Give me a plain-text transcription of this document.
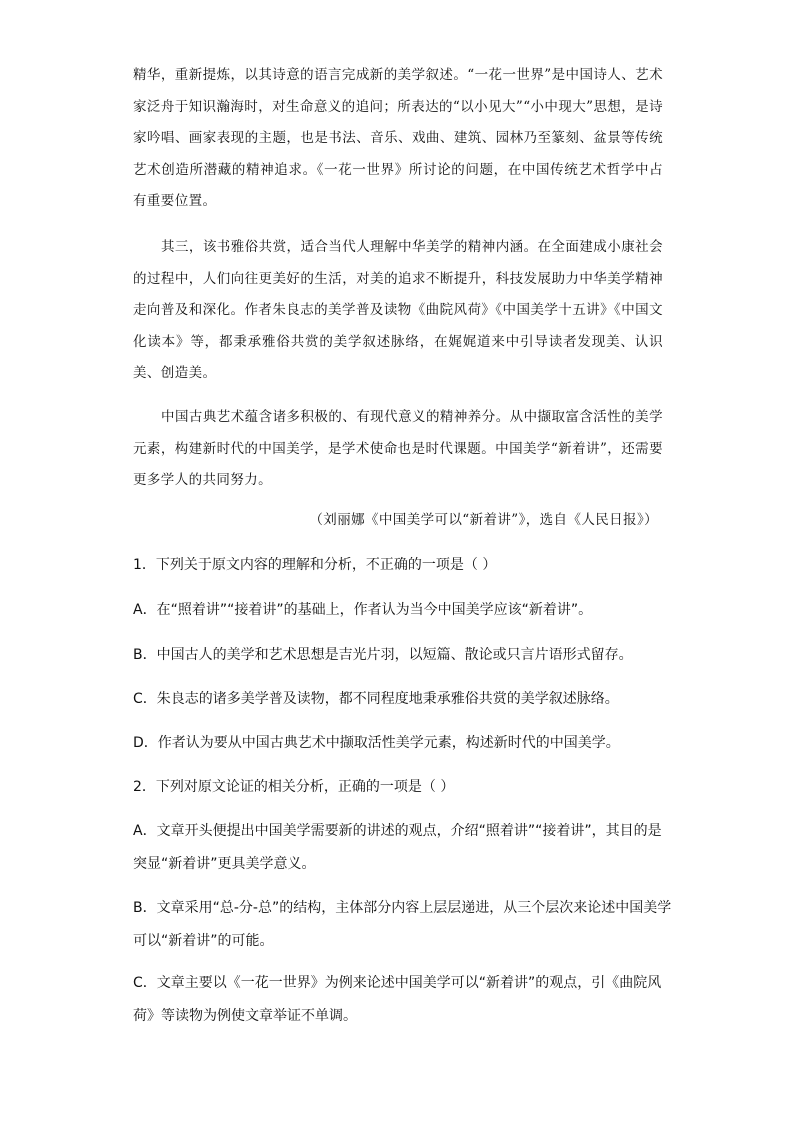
精华，重新提炼，以其诗意的语言完成新的美学叙述。“一花一世界”是中国诗人、艺术家泛舟于知识瀚海时，对生命意义的追问；所表达的“以小见大”“小中现大”思想，是诗家吟唱、画家表现的主题，也是书法、音乐、戏曲、建筑、园林乃至篆刻、盆景等传统艺术创造所潜藏的精神追求。《一花一世界》所讨论的问题，在中国传统艺术哲学中占有重要位置。

其三，该书雅俗共赏，适合当代人理解中华美学的精神内涵。在全面建成小康社会的过程中，人们向往更美好的生活，对美的追求不断提升，科技发展助力中华美学精神走向普及和深化。作者朱良志的美学普及读物《曲院风荷》《中国美学十五讲》《中国文化读本》等，都秉承雅俗共赏的美学叙述脉络，在娓娓道来中引导读者发现美、认识美、创造美。

中国古典艺术蕴含诸多积极的、有现代意义的精神养分。从中撷取富含活性的美学元素，构建新时代的中国美学，是学术使命也是时代课题。中国美学“新着讲”，还需要更多学人的共同努力。

（刘丽娜《中国美学可以“新着讲”》，选自《人民日报》）

1．下列关于原文内容的理解和分析，不正确的一项是（ ）

A．在“照着讲”“接着讲”的基础上，作者认为当今中国美学应该“新着讲”。

B．中国古人的美学和艺术思想是吉光片羽，以短篇、散论或只言片语形式留存。

C．朱良志的诸多美学普及读物，都不同程度地秉承雅俗共赏的美学叙述脉络。

D．作者认为要从中国古典艺术中撷取活性美学元素，构述新时代的中国美学。

2．下列对原文论证的相关分析，正确的一项是（ ）

A．文章开头便提出中国美学需要新的讲述的观点，介绍“照着讲”“接着讲”，其目的是突显“新着讲”更具美学意义。

B．文章采用“总-分-总”的结构，主体部分内容上层层递进，从三个层次来论述中国美学可以“新着讲”的可能。

C．文章主要以《一花一世界》为例来论述中国美学可以“新着讲”的观点，引《曲院风荷》等读物为例使文章举证不单调。
